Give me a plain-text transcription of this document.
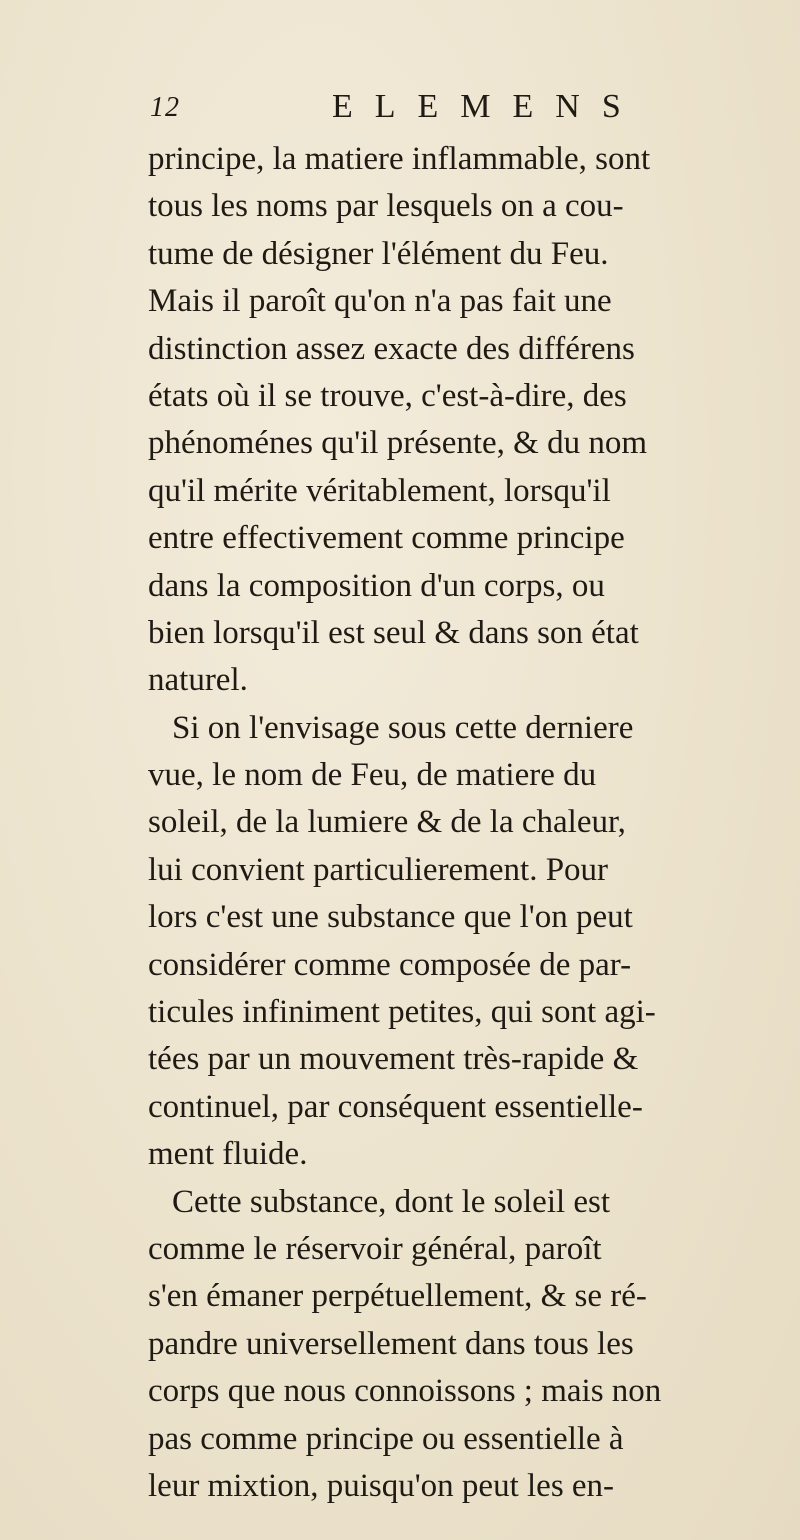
12	ELEMENS
principe, la matiere inflammable, sont
tous les noms par lesquels on a cou-
tume de désigner l'élément du Feu.
Mais il paroît qu'on n'a pas fait une
distinction assez exacte des différens
états où il se trouve, c'est-à-dire, des
phénoménes qu'il présente, & du nom
qu'il mérite véritablement, lorsqu'il
entre effectivement comme principe
dans la composition d'un corps, ou
bien lorsqu'il est seul & dans son état
naturel.
Si on l'envisage sous cette derniere
vue, le nom de Feu, de matiere du
soleil, de la lumiere & de la chaleur,
lui convient particulierement. Pour
lors c'est une substance que l'on peut
considérer comme composée de par-
ticules infiniment petites, qui sont agi-
tées par un mouvement très-rapide &
continuel, par conséquent essentielle-
ment fluide.
Cette substance, dont le soleil est
comme le réservoir général, paroît
s'en émaner perpétuellement, & se ré-
pandre universellement dans tous les
corps que nous connoissons ; mais non
pas comme principe ou essentielle à
leur mixtion, puisqu'on peut les en-
